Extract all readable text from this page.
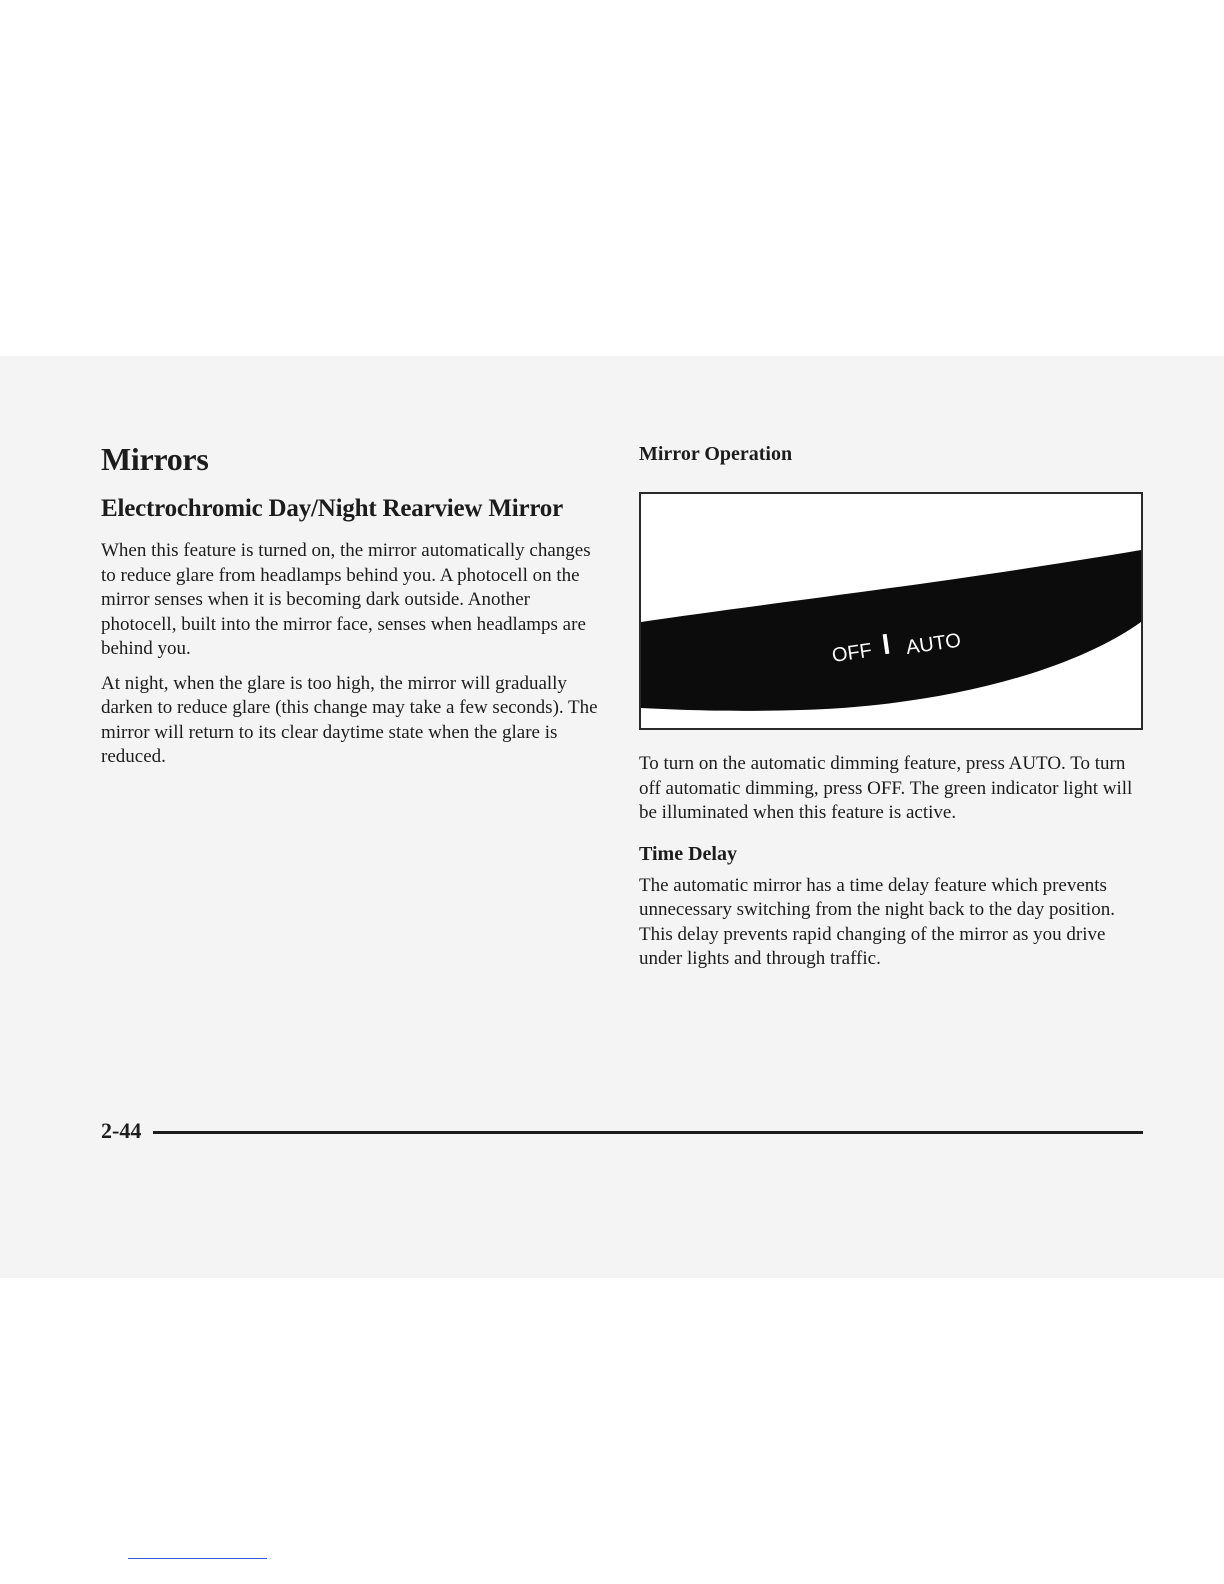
Mirrors
Electrochromic Day/Night Rearview Mirror

When this feature is turned on, the mirror automatically changes to reduce glare from headlamps behind you. A photocell on the mirror senses when it is becoming dark outside. Another photocell, built into the mirror face, senses when headlamps are behind you.

At night, when the glare is too high, the mirror will gradually darken to reduce glare (this change may take a few seconds). The mirror will return to its clear daytime state when the glare is reduced.

Mirror Operation
OFF AUTO

To turn on the automatic dimming feature, press AUTO. To turn off automatic dimming, press OFF. The green indicator light will be illuminated when this feature is active.

Time Delay

The automatic mirror has a time delay feature which prevents unnecessary switching from the night back to the day position. This delay prevents rapid changing of the mirror as you drive under lights and through traffic.

2-44
